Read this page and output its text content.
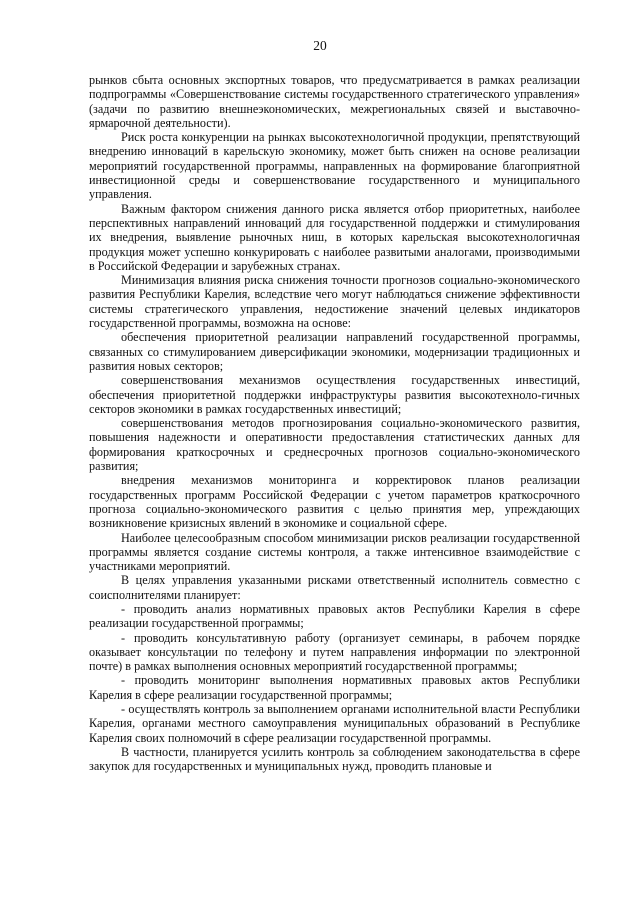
20

рынков сбыта основных экспортных товаров, что предусматривается в рамках реализации подпрограммы «Совершенствование системы государственного стратегического управления» (задачи по развитию внешнеэкономических, межрегиональных связей и выставочно-ярмарочной деятельности).

Риск роста конкуренции на рынках высокотехнологичной продукции, препятствующий внедрению инноваций в карельскую экономику, может быть снижен на основе реализации мероприятий государственной программы, направленных на формирование благоприятной инвестиционной среды и совершенствование государственного и муниципального управления.

Важным фактором снижения данного риска является отбор приоритетных, наиболее перспективных направлений инноваций для государственной поддержки и стимулирования их внедрения, выявление рыночных ниш, в которых карельская высокотехнологичная продукция может успешно конкурировать с наиболее развитыми аналогами, производимыми в Российской Федерации и зарубежных странах.

Минимизация влияния риска снижения точности прогнозов социально-экономического развития Республики Карелия, вследствие чего могут наблюдаться снижение эффективности системы стратегического управления, недостижение значений целевых индикаторов государственной программы, возможна на основе:

обеспечения приоритетной реализации направлений государственной программы, связанных со стимулированием диверсификации экономики, модернизации традиционных и развития новых секторов;

совершенствования механизмов осуществления государственных инвестиций, обеспечения приоритетной поддержки инфраструктуры развития высокотехноло-гичных секторов экономики в рамках государственных инвестиций;

совершенствования методов прогнозирования социально-экономического развития, повышения надежности и оперативности предоставления статистических данных для формирования краткосрочных и среднесрочных прогнозов социально-экономического развития;

внедрения механизмов мониторинга и корректировок планов реализации государственных программ Российской Федерации с учетом параметров краткосрочного прогноза социально-экономического развития с целью принятия мер, упреждающих возникновение кризисных явлений в экономике и социальной сфере.

Наиболее целесообразным способом минимизации рисков реализации государственной программы является создание системы контроля, а также интенсивное взаимодействие с участниками мероприятий.

В целях управления указанными рисками ответственный исполнитель совместно с соисполнителями планирует:

- проводить анализ нормативных правовых актов Республики Карелия в сфере реализации государственной программы;

- проводить консультативную работу (организует семинары, в рабочем порядке оказывает консультации по телефону и путем направления информации по электронной почте) в рамках выполнения основных мероприятий государственной программы;

- проводить мониторинг выполнения нормативных правовых актов Республики Карелия в сфере реализации государственной программы;

- осуществлять контроль за выполнением органами исполнительной власти Республики Карелия, органами местного самоуправления муниципальных образований в Республике Карелия своих полномочий в сфере реализации государственной программы.

В частности, планируется усилить контроль за соблюдением законодательства в сфере закупок для государственных и муниципальных нужд, проводить плановые и
